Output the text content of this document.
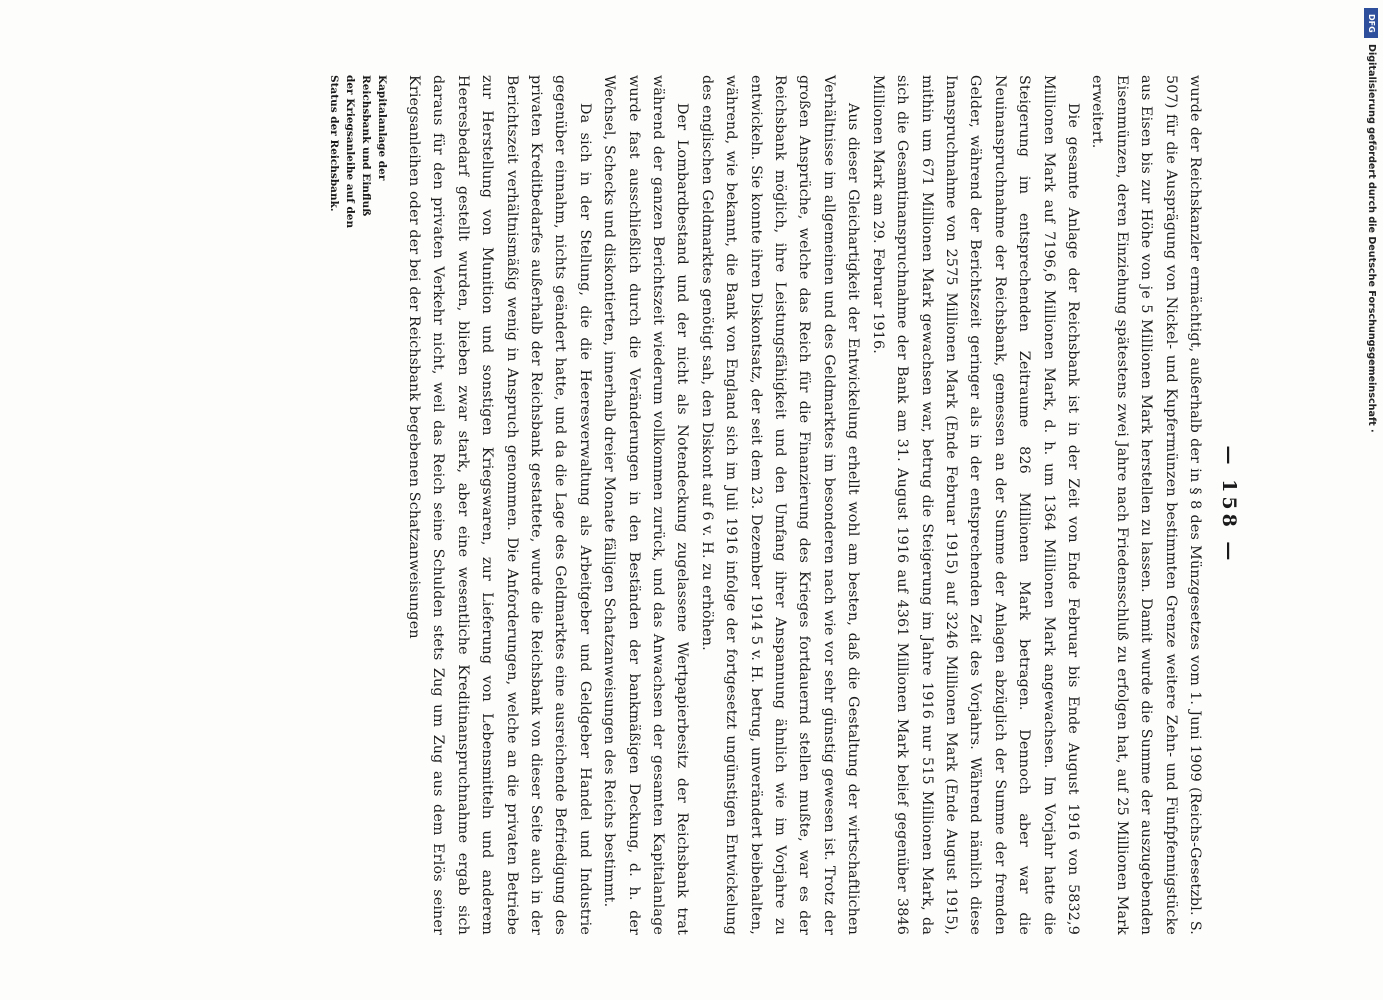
— 158 —

wurde der Reichskanzler ermächtigt, außerhalb der in § 8 des Münzgesetzes vom 1. Juni 1909 (Reichs-Gesetzbl. S. 507) für die Ausprägung von Nickel- und Kupfermünzen bestimmten Grenze weitere Zehn- und Fünfpfennigstücke aus Eisen bis zur Höhe von je 5 Millionen Mark herstellen zu lassen. Damit wurde die Summe der auszugebenden Eisenmünzen, deren Einziehung spätestens zwei Jahre nach Friedensschluß zu erfolgen hat, auf 25 Millionen Mark erweitert.

Die gesamte Anlage der Reichsbank ist in der Zeit von Ende Februar bis Ende August 1916 von 5832,9 Millionen Mark auf 7196,6 Millionen Mark, d. h. um 1364 Millionen Mark angewachsen. Im Vorjahr hatte die Steigerung im entsprechenden Zeitraume 826 Millionen Mark betragen. Dennoch aber war die Neuinanspruchnahme der Reichsbank, gemessen an der Summe der Anlagen abzüglich der Summe der fremden Gelder, während der Berichtszeit geringer als in der entsprechenden Zeit des Vorjahrs. Während nämlich diese Inanspruchnahme von 2575 Millionen Mark (Ende Februar 1915) auf 3246 Millionen Mark (Ende August 1915), mithin um 671 Millionen Mark gewachsen war, betrug die Steigerung im Jahre 1916 nur 515 Millionen Mark, da sich die Gesamtinanspruchnahme der Bank am 31. August 1916 auf 4361 Millionen Mark belief gegenüber 3846 Millionen Mark am 29. Februar 1916.

Aus dieser Gleichartigkeit der Entwickelung erhellt wohl am besten, daß die Gestaltung der wirtschaftlichen Verhältnisse im allgemeinen und des Geldmarktes im besonderen nach wie vor sehr günstig gewesen ist. Trotz der großen Ansprüche, welche das Reich für die Finanzierung des Krieges fortdauernd stellen mußte, war es der Reichsbank möglich, ihre Leistungsfähigkeit und den Umfang ihrer Anspannung ähnlich wie im Vorjahre zu entwickeln. Sie konnte ihren Diskontsatz, der seit dem 23. Dezember 1914 5 v. H. betrug, unverändert beibehalten, während, wie bekannt, die Bank von England sich im Juli 1916 infolge der fortgesetzt ungünstigen Entwickelung des englischen Geldmarktes genötigt sah, den Diskont auf 6 v. H. zu erhöhen.

Der Lombardbestand und der nicht als Notendeckung zugelassene Wertpapierbesitz der Reichsbank trat während der ganzen Berichtszeit wiederum vollkommen zurück, und das Anwachsen der gesamten Kapitalanlage wurde fast ausschließlich durch die Veränderungen in den Beständen der bankmäßigen Deckung, d. h. der Wechsel, Schecks und diskontierten, innerhalb dreier Monate fälligen Schatzanweisungen des Reichs bestimmt.

Da sich in der Stellung, die die Heeresverwaltung als Arbeitgeber und Geldgeber Handel und Industrie gegenüber einnahm, nichts geändert hatte, und da die Lage des Geldmarktes eine ausreichende Befriedigung des privaten Kreditbedarfes außerhalb der Reichsbank gestattete, wurde die Reichsbank von dieser Seite auch in der Berichtszeit verhältnismäßig wenig in Anspruch genommen. Die Anforderungen, welche an die privaten Betriebe zur Herstellung von Munition und sonstigen Kriegswaren, zur Lieferung von Lebensmitteln und anderem Heeresbedarf gestellt wurden, blieben zwar stark, aber eine wesentliche Kreditinanspruchnahme ergab sich daraus für den privaten Verkehr nicht, weil das Reich seine Schulden stets Zug um Zug aus dem Erlös seiner Kriegsanleihen oder der bei der Reichsbank begebenen Schatzanweisungen

Kapitalanlage der
Reichsbank und Einfluß
der Kriegsanleihe auf den
Status der Reichsbank.
DFG
Digitalisierung gefördert durch die Deutsche Forschungsgemeinschaft ·
